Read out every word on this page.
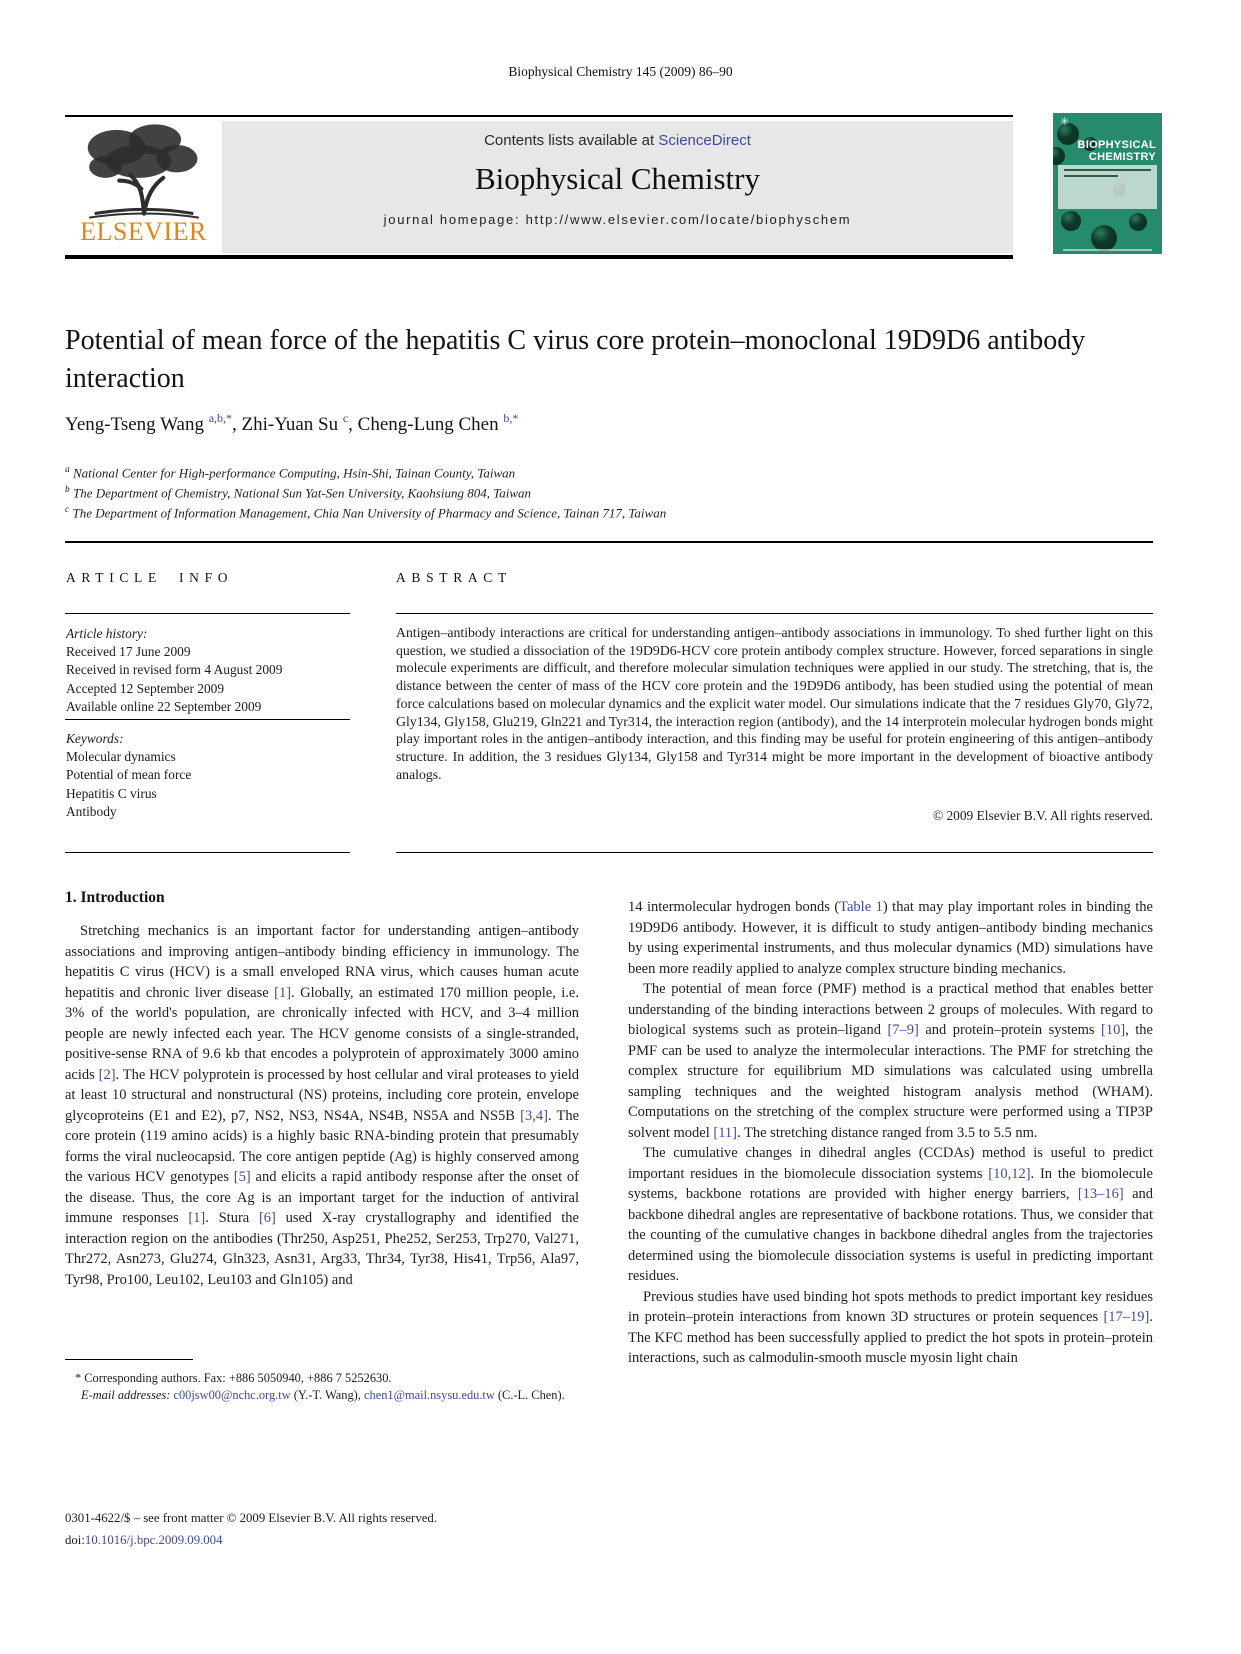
Biophysical Chemistry 145 (2009) 86–90
ELSEVIER
Contents lists available at ScienceDirect
Biophysical Chemistry
journal homepage: http://www.elsevier.com/locate/biophyschem
✳
BIOPHYSICAL
CHEMISTRY
Potential of mean force of the hepatitis C virus core protein–monoclonal 19D9D6 antibody interaction
Yeng-Tseng Wang $^{a,b,*}$, Zhi-Yuan Su $^c$, Cheng-Lung Chen $^{b,*}$
$^a$ National Center for High-performance Computing, Hsin-Shi, Tainan County, Taiwan
$^b$ The Department of Chemistry, National Sun Yat-Sen University, Kaohsiung 804, Taiwan
$^c$ The Department of Information Management, Chia Nan University of Pharmacy and Science, Tainan 717, Taiwan
ARTICLE INFO	ABSTRACT
Article history:
Received 17 June 2009
Received in revised form 4 August 2009
Accepted 12 September 2009
Available online 22 September 2009
Keywords:
Molecular dynamics
Potential of mean force
Hepatitis C virus
Antibody
Antigen–antibody interactions are critical for understanding antigen–antibody associations in immunology. To shed further light on this question, we studied a dissociation of the 19D9D6-HCV core protein antibody complex structure. However, forced separations in single molecule experiments are difficult, and therefore molecular simulation techniques were applied in our study. The stretching, that is, the distance between the center of mass of the HCV core protein and the 19D9D6 antibody, has been studied using the potential of mean force calculations based on molecular dynamics and the explicit water model. Our simulations indicate that the 7 residues Gly70, Gly72, Gly134, Gly158, Glu219, Gln221 and Tyr314, the interaction region (antibody), and the 14 interprotein molecular hydrogen bonds might play important roles in the antigen–antibody interaction, and this finding may be useful for protein engineering of this antigen–antibody structure. In addition, the 3 residues Gly134, Gly158 and Tyr314 might be more important in the development of bioactive antibody analogs.
© 2009 Elsevier B.V. All rights reserved.
1. Introduction

Stretching mechanics is an important factor for understanding antigen–antibody associations and improving antigen–antibody binding efficiency in immunology. The hepatitis C virus (HCV) is a small enveloped RNA virus, which causes human acute hepatitis and chronic liver disease [1]. Globally, an estimated 170 million people, i.e. 3% of the world's population, are chronically infected with HCV, and 3–4 million people are newly infected each year. The HCV genome consists of a single-stranded, positive-sense RNA of 9.6 kb that encodes a polyprotein of approximately 3000 amino acids [2]. The HCV polyprotein is processed by host cellular and viral proteases to yield at least 10 structural and nonstructural (NS) proteins, including core protein, envelope glycoproteins (E1 and E2), p7, NS2, NS3, NS4A, NS4B, NS5A and NS5B [3,4]. The core protein (119 amino acids) is a highly basic RNA-binding protein that presumably forms the viral nucleocapsid. The core antigen peptide (Ag) is highly conserved among the various HCV genotypes [5] and elicits a rapid antibody response after the onset of the disease. Thus, the core Ag is an important target for the induction of antiviral immune responses [1]. Stura [6] used X-ray crystallography and identified the interaction region on the antibodies (Thr250, Asp251, Phe252, Ser253, Trp270, Val271, Thr272, Asn273, Glu274, Gln323, Asn31, Arg33, Thr34, Tyr38, His41, Trp56, Ala97, Tyr98, Pro100, Leu102, Leu103 and Gln105) and

14 intermolecular hydrogen bonds (Table 1) that may play important roles in binding the 19D9D6 antibody. However, it is difficult to study antigen–antibody binding mechanics by using experimental instruments, and thus molecular dynamics (MD) simulations have been more readily applied to analyze complex structure binding mechanics.

The potential of mean force (PMF) method is a practical method that enables better understanding of the binding interactions between 2 groups of molecules. With regard to biological systems such as protein–ligand [7–9] and protein–protein systems [10], the PMF can be used to analyze the intermolecular interactions. The PMF for stretching the complex structure for equilibrium MD simulations was calculated using umbrella sampling techniques and the weighted histogram analysis method (WHAM). Computations on the stretching of the complex structure were performed using a TIP3P solvent model [11]. The stretching distance ranged from 3.5 to 5.5 nm.

The cumulative changes in dihedral angles (CCDAs) method is useful to predict important residues in the biomolecule dissociation systems [10,12]. In the biomolecule systems, backbone rotations are provided with higher energy barriers, [13–16] and backbone dihedral angles are representative of backbone rotations. Thus, we consider that the counting of the cumulative changes in backbone dihedral angles from the trajectories determined using the biomolecule dissociation systems is useful in predicting important residues.

Previous studies have used binding hot spots methods to predict important key residues in protein–protein interactions from known 3D structures or protein sequences [17–19]. The KFC method has been successfully applied to predict the hot spots in protein–protein interactions, such as calmodulin-smooth muscle myosin light chain

* Corresponding authors. Fax: +886 5050940, +886 7 5252630.

E-mail addresses: c00jsw00@nchc.org.tw (Y.-T. Wang), chen1@mail.nsysu.edu.tw (C.-L. Chen).

0301-4622/$ – see front matter © 2009 Elsevier B.V. All rights reserved.
doi:10.1016/j.bpc.2009.09.004
